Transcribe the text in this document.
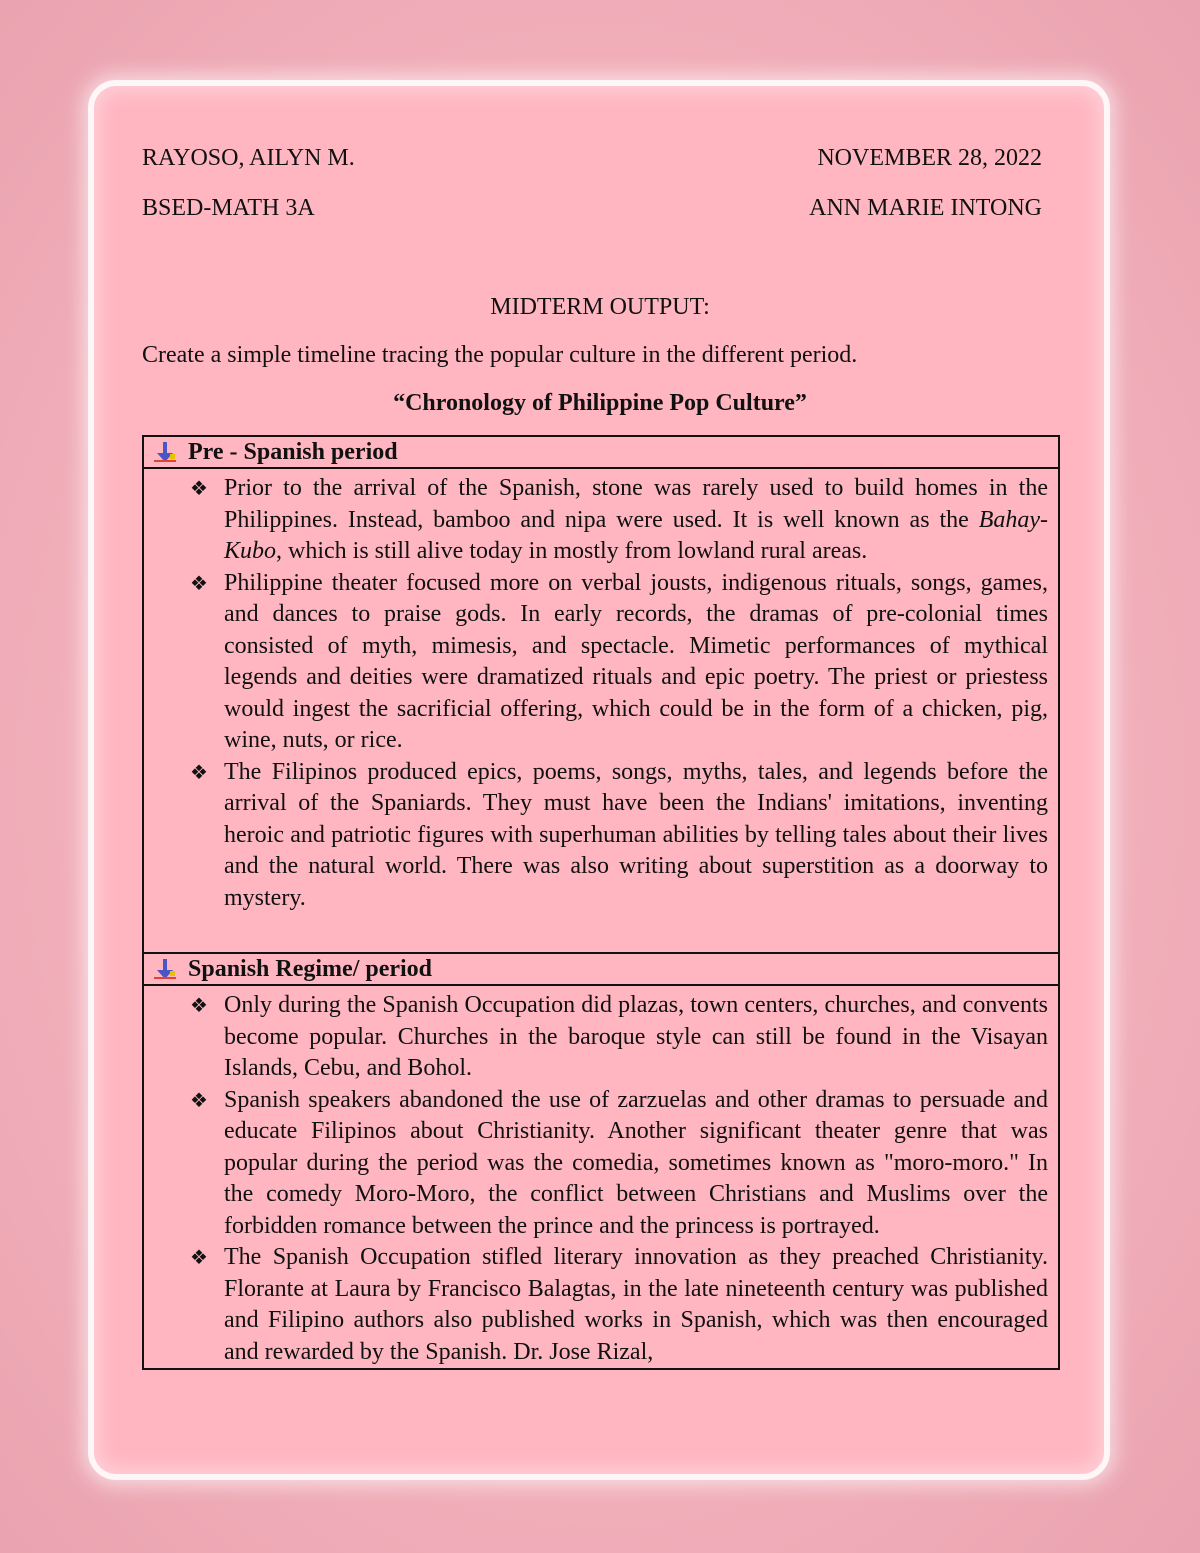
RAYOSO, AILYN M.	NOVEMBER 28, 2022
BSED-MATH 3A	ANN MARIE INTONG
MIDTERM OUTPUT:
Create a simple timeline tracing the popular culture in the different period.
“Chronology of Philippine Pop Culture”
Pre - Spanish period
❖ Prior to the arrival of the Spanish, stone was rarely used to build homes in the Philippines. Instead, bamboo and nipa were used. It is well known as the Bahay-Kubo, which is still alive today in mostly from lowland rural areas.
❖ Philippine theater focused more on verbal jousts, indigenous rituals, songs, games, and dances to praise gods. In early records, the dramas of pre-colonial times consisted of myth, mimesis, and spectacle. Mimetic performances of mythical legends and deities were dramatized rituals and epic poetry. The priest or priestess would ingest the sacrificial offering, which could be in the form of a chicken, pig, wine, nuts, or rice.
❖ The Filipinos produced epics, poems, songs, myths, tales, and legends before the arrival of the Spaniards. They must have been the Indians' imitations, inventing heroic and patriotic figures with superhuman abilities by telling tales about their lives and the natural world. There was also writing about superstition as a doorway to mystery.
Spanish Regime/ period
❖ Only during the Spanish Occupation did plazas, town centers, churches, and convents become popular. Churches in the baroque style can still be found in the Visayan Islands, Cebu, and Bohol.
❖ Spanish speakers abandoned the use of zarzuelas and other dramas to persuade and educate Filipinos about Christianity. Another significant theater genre that was popular during the period was the comedia, sometimes known as "moro-moro." In the comedy Moro-Moro, the conflict between Christians and Muslims over the forbidden romance between the prince and the princess is portrayed.
❖ The Spanish Occupation stifled literary innovation as they preached Christianity. Florante at Laura by Francisco Balagtas, in the late nineteenth century was published and Filipino authors also published works in Spanish, which was then encouraged and rewarded by the Spanish. Dr. Jose Rizal,
